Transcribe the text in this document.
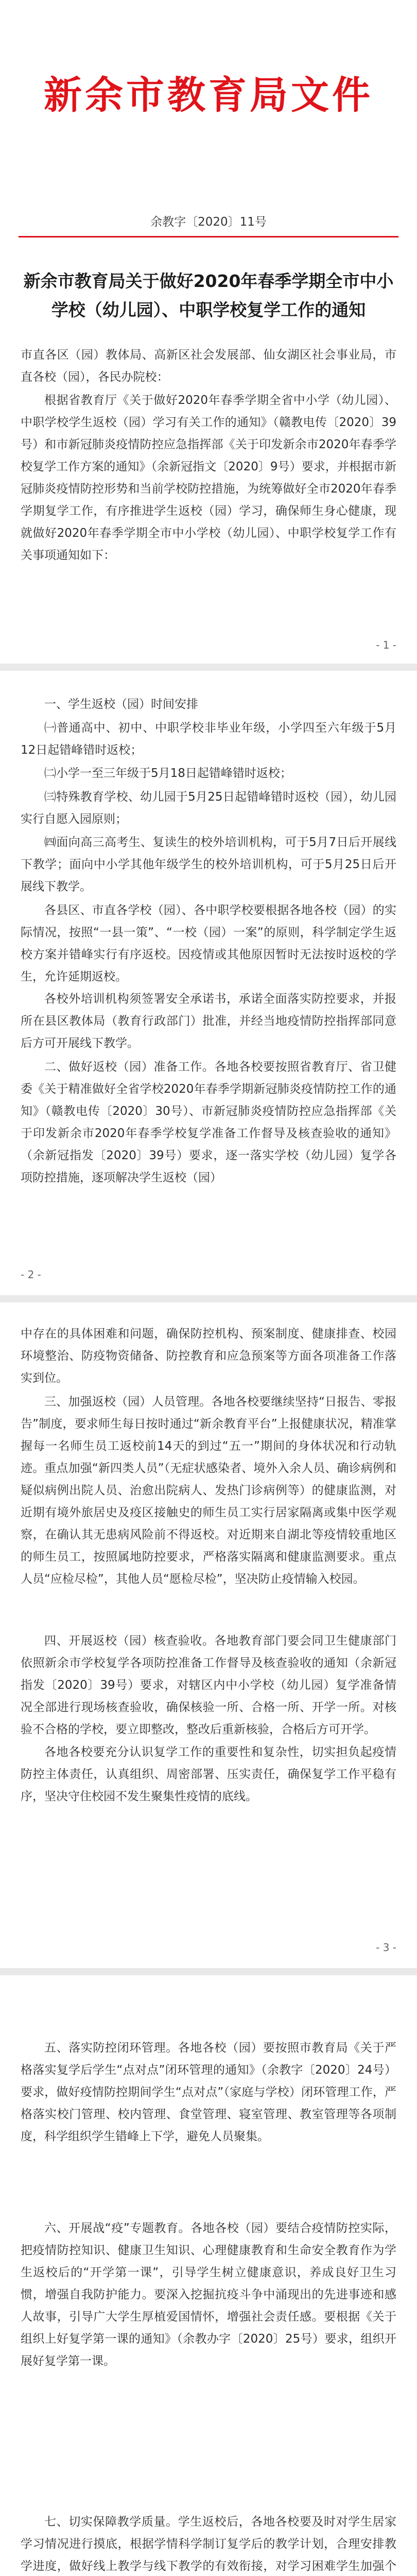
新余市教育局文件
余教字〔2020〕11号
新余市教育局关于做好2020年春季学期全市中小学校（幼儿园）、中职学校复学工作的通知
市直各区（园）教体局、高新区社会发展部、仙女湖区社会事业局，市直各校（园），各民办院校：
根据省教育厅《关于做好2020年春季学期全省中小学（幼儿园）、中职学校学生返校（园）学习有关工作的通知》（赣教电传〔2020〕39号）和市新冠肺炎疫情防控应急指挥部《关于印发新余市2020年春季学校复学工作方案的通知》（余新冠指文〔2020〕9号）要求，并根据市新冠肺炎疫情防控形势和当前学校防控措施，为统筹做好全市2020年春季学期复学工作，有序推进学生返校（园）学习，确保师生身心健康，现就做好2020年春季学期全市中小学校（幼儿园）、中职学校复学工作有关事项通知如下：
- 1 -
一、学生返校（园）时间安排
㈠普通高中、初中、中职学校非毕业年级，小学四至六年级于5月12日起错峰错时返校；
㈡小学一至三年级于5月18日起错峰错时返校；
㈢特殊教育学校、幼儿园于5月25日起错峰错时返校（园），幼儿园实行自愿入园原则；
㈣面向高三高考生、复读生的校外培训机构，可于5月7日后开展线下教学；面向中小学其他年级学生的校外培训机构，可于5月25日后开展线下教学。
各县区、市直各学校（园）、各中职学校要根据各地各校（园）的实际情况，按照“一县一策”、“一校（园）一案”的原则，科学制定学生返校方案并错峰实行有序返校。因疫情或其他原因暂时无法按时返校的学生，允许延期返校。
各校外培训机构须签署安全承诺书，承诺全面落实防控要求，并报所在县区教体局（教育行政部门）批准，并经当地疫情防控指挥部同意后方可开展线下教学。
二、做好返校（园）准备工作。各地各校要按照省教育厅、省卫健委《关于精准做好全省学校2020年春季学期新冠肺炎疫情防控工作的通知》（赣教电传〔2020〕30号）、市新冠肺炎疫情防控应急指挥部《关于印发新余市2020年春季学校复学准备工作督导及核查验收的通知》（余新冠指发〔2020〕39号）要求，逐一落实学校（幼儿园）复学各项防控措施，逐项解决学生返校（园）
- 2 -
中存在的具体困难和问题，确保防控机构、预案制度、健康排查、校园环境整治、防疫物资储备、防控教育和应急预案等方面各项准备工作落实到位。
三、加强返校（园）人员管理。各地各校要继续坚持“日报告、零报告”制度，要求师生每日按时通过“新余教育平台”上报健康状况，精准掌握每一名师生员工返校前14天的到过“五一”期间的身体状况和行动轨迹。重点加强“新四类人员”（无症状感染者、境外入余人员、确诊病例和疑似病例出院人员、治愈出院病人、发热门诊病例等）的健康监测，对近期有境外旅居史及疫区接触史的师生员工实行居家隔离或集中医学观察，在确认其无患病风险前不得返校。对近期来自湖北等疫情较重地区的师生员工，按照属地防控要求，严格落实隔离和健康监测要求。重点人员“应检尽检”，其他人员“愿检尽检”，坚决防止疫情输入校园。
四、开展返校（园）核查验收。各地教育部门要会同卫生健康部门依照新余市学校复学各项防控准备工作督导及核查验收的通知（余新冠指发〔2020〕39号）要求，对辖区内中小学校（幼儿园）复学准备情况全部进行现场核查验收，确保核验一所、合格一所、开学一所。对核验不合格的学校，要立即整改，整改后重新核验，合格后方可开学。
各地各校要充分认识复学工作的重要性和复杂性，切实担负起疫情防控主体责任，认真组织、周密部署、压实责任，确保复学工作平稳有序，坚决守住校园不发生聚集性疫情的底线。
- 3 -
五、落实防控闭环管理。各地各校（园）要按照市教育局《关于严格落实复学后学生“点对点”闭环管理的通知》（余教字〔2020〕24号）要求，做好疫情防控期间学生“点对点”（家庭与学校）闭环管理工作，严格落实校门管理、校内管理、食堂管理、寝室管理、教室管理等各项制度，科学组织学生错峰上下学，避免人员聚集。
六、开展战“疫”专题教育。各地各校（园）要结合疫情防控实际，把疫情防控知识、健康卫生知识、心理健康教育和生命安全教育作为学生返校后的“开学第一课”，引导学生树立健康意识，养成良好卫生习惯，增强自我防护能力。要深入挖掘抗疫斗争中涌现出的先进事迹和感人故事，引导广大学生厚植爱国情怀，增强社会责任感。要根据《关于组织上好复学第一课的通知》（余教办字〔2020〕25号）要求，组织开展好复学第一课。
七、切实保障教学质量。学生返校后，各地各校要及时对学生居家学习情况进行摸底，根据学情科学制订复学后的教学计划，合理安排教学进度，做好线上教学与线下教学的有效衔接，对学习困难学生加强个
